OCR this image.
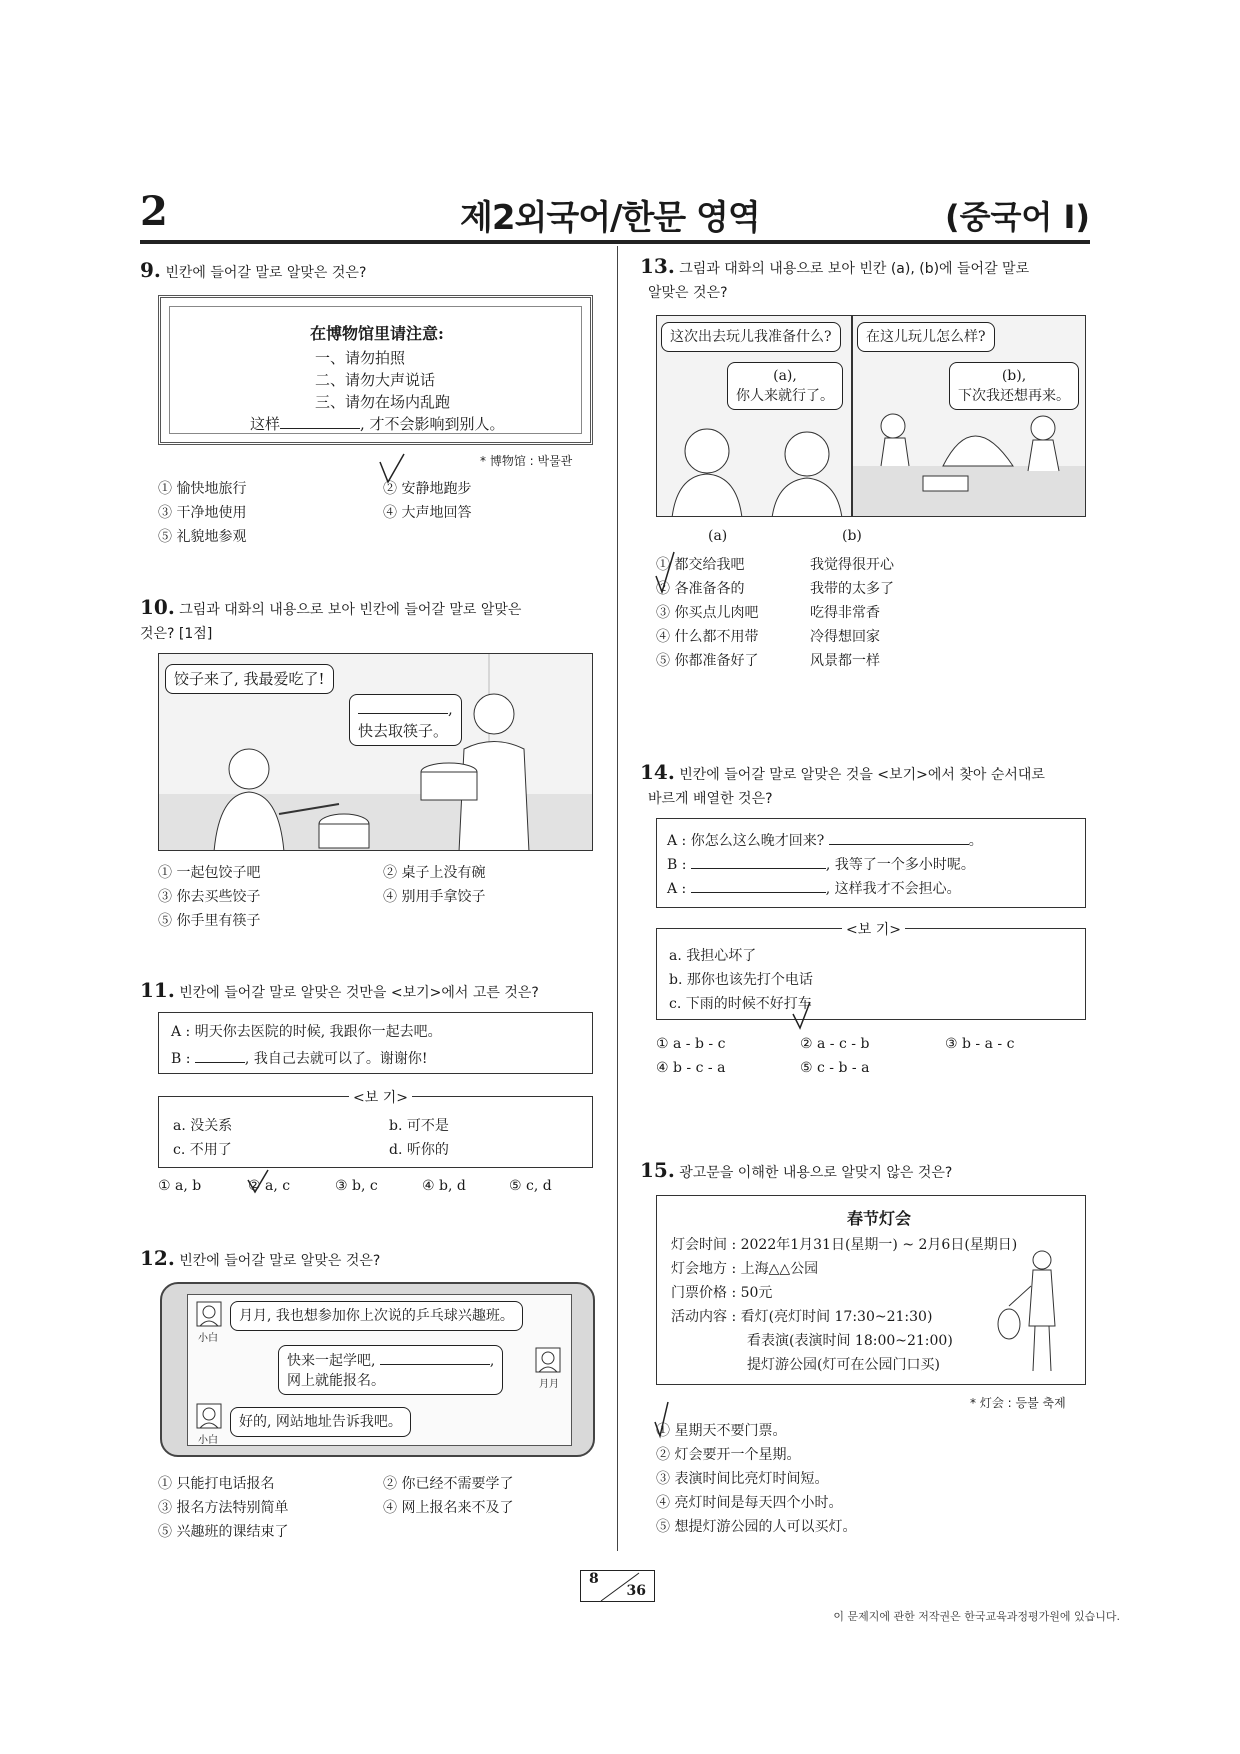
2	제2외국어/한문 영역	(중국어 I)
9. 빈칸에 들어갈 말로 알맞은 것은?
在博物馆里请注意:
一、请勿拍照
二、请勿大声说话
三、请勿在场内乱跑
这样	, 才不会影响到别人。
* 博物馆 : 박물관
① 愉快地旅行	② 安静地跑步
③ 干净地使用	④ 大声地回答
⑤ 礼貌地参观
10. 그림과 대화의 내용으로 보아 빈칸에 들어갈 말로 알맞은
것은? [1점]
饺子来了, 我最爱吃了!
,
快去取筷子。
① 一起包饺子吧	② 桌子上没有碗
③ 你去买些饺子	④ 别用手拿饺子
⑤ 你手里有筷子
11. 빈칸에 들어갈 말로 알맞은 것만을 <보기>에서 고른 것은?
A : 明天你去医院的时候, 我跟你一起去吧。
B :	, 我自己去就可以了。谢谢你!
<보 기>
a. 没关系	b. 可不是
c. 不用了	d. 听你的
① a, b	② a, c	③ b, c	④ b, d	⑤ c, d
12. 빈칸에 들어갈 말로 알맞은 것은?
小白
月月, 我也想参加你上次说的乒乓球兴趣班。
快来一起学吧,	,
网上就能报名。	月月
小白
好的, 网站地址告诉我吧。
① 只能打电话报名	② 你已经不需要学了
③ 报名方法特别简单	④ 网上报名来不及了
⑤ 兴趣班的课结束了
13. 그림과 대화의 내용으로 보아 빈칸 (a), (b)에 들어갈 말로
알맞은 것은?
这次出去玩儿我准备什么?
(a),
你人来就行了。
在这儿玩儿怎么样?
(b),
下次我还想再来。
(a)	(b)
① 都交给我吧	我觉得很开心
② 各准备各的	我带的太多了
③ 你买点儿肉吧	吃得非常香
④ 什么都不用带	冷得想回家
⑤ 你都准备好了	风景都一样
14. 빈칸에 들어갈 말로 알맞은 것을 <보기>에서 찾아 순서대로
바르게 배열한 것은?
A : 你怎么这么晚才回来?	。
B :	, 我等了一个多小时呢。
A :	, 这样我才不会担心。
<보 기>
a. 我担心坏了
b. 那你也该先打个电话
c. 下雨的时候不好打车
① a - b - c	② a - c - b	③ b - a - c
④ b - c - a	⑤ c - b - a
15. 광고문을 이해한 내용으로 알맞지 않은 것은?
春节灯会
灯会时间 : 2022年1月31日(星期一) ~ 2月6日(星期日)
灯会地方 : 上海△△公园
门票价格 : 50元
活动内容 : 看灯(亮灯时间 17:30~21:30)
看表演(表演时间 18:00~21:00)
提灯游公园(灯可在公园门口买)
* 灯会 : 등불 축제
① 星期天不要门票。
② 灯会要开一个星期。
③ 表演时间比亮灯时间短。
④ 亮灯时间是每天四个小时。
⑤ 想提灯游公园的人可以买灯。
8
36
이 문제지에 관한 저작권은 한국교육과정평가원에 있습니다.
